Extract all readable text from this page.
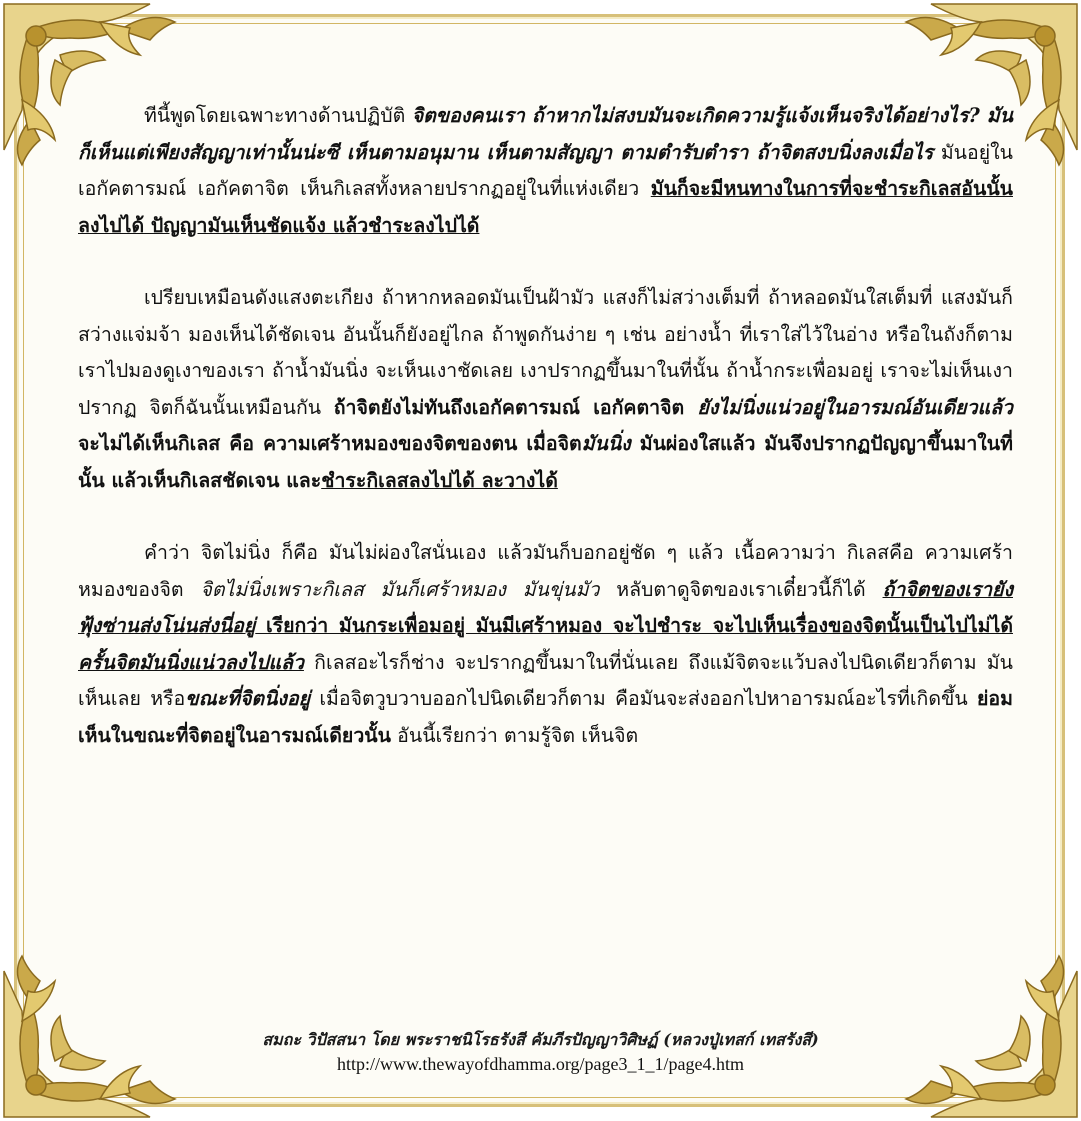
ทีนี้พูดโดยเฉพาะทางด้านปฏิบัติ จิตของคนเรา ถ้าหากไม่สงบมันจะเกิดความรู้แจ้งเห็นจริงได้อย่างไร? มันก็เห็นแต่เพียงสัญญาเท่านั้นน่ะซี เห็นตามอนุมาน เห็นตามสัญญา ตามตำรับตำรา ถ้าจิตสงบนิ่งลงเมื่อไร มันอยู่ในเอกัคตารมณ์ เอกัคตาจิต เห็นกิเลสทั้งหลายปรากฏอยู่ในที่แห่งเดียว มันก็จะมีหนทางในการที่จะชำระกิเลสอันนั้นลงไปได้ ปัญญามันเห็นชัดแจ้ง แล้วชำระลงไปได้

เปรียบเหมือนดังแสงตะเกียง ถ้าหากหลอดมันเป็นฝ้ามัว แสงก็ไม่สว่างเต็มที่ ถ้าหลอดมันใสเต็มที่ แสงมันก็สว่างแจ่มจ้า มองเห็นได้ชัดเจน อันนั้นก็ยังอยู่ไกล ถ้าพูดกันง่าย ๆ เช่น อย่างน้ำ ที่เราใส่ไว้ในอ่าง หรือในถังก็ตาม เราไปมองดูเงาของเรา ถ้าน้ำมันนิ่ง จะเห็นเงาชัดเลย เงาปรากฏขึ้นมาในที่นั้น ถ้าน้ำกระเพื่อมอยู่ เราจะไม่เห็นเงาปรากฏ จิตก็ฉันนั้นเหมือนกัน ถ้าจิตยังไม่ทันถึงเอกัคตารมณ์ เอกัคตาจิต ยังไม่นิ่งแน่วอยู่ในอารมณ์อันเดียวแล้ว จะไม่ได้เห็นกิเลส คือ ความเศร้าหมองของจิตของตน เมื่อจิตมันนิ่ง มันผ่องใสแล้ว มันจึงปรากฏปัญญาขึ้นมาในที่นั้น แล้วเห็นกิเลสชัดเจน และชำระกิเลสลงไปได้ ละวางได้

คำว่า จิตไม่นิ่ง ก็คือ มันไม่ผ่องใสนั่นเอง แล้วมันก็บอกอยู่ชัด ๆ แล้ว เนื้อความว่า กิเลสคือ ความเศร้าหมองของจิต จิตไม่นิ่งเพราะกิเลส มันก็เศร้าหมอง มันขุ่นมัว หลับตาดูจิตของเราเดี๋ยวนี้ก็ได้ ถ้าจิตของเรายังฟุ้งซ่านส่งโน่นส่งนี่อยู่ เรียกว่า มันกระเพื่อมอยู่ มันมีเศร้าหมอง จะไปชำระ จะไปเห็นเรื่องของจิตนั้นเป็นไปไม่ได้ ครั้นจิตมันนิ่งแน่วลงไปแล้ว กิเลสอะไรก็ช่าง จะปรากฏขึ้นมาในที่นั่นเลย ถึงแม้จิตจะแว้บลงไปนิดเดียวก็ตาม มันเห็นเลย หรือขณะที่จิตนิ่งอยู่ เมื่อจิตวูบวาบออกไปนิดเดียวก็ตาม คือมันจะส่งออกไปหาอารมณ์อะไรที่เกิดขึ้น ย่อมเห็นในขณะที่จิตอยู่ในอารมณ์เดียวนั้น อันนี้เรียกว่า ตามรู้จิต เห็นจิต

สมถะ วิปัสสนา โดย พระราชนิโรธรังสี คัมภีรปัญญาวิศิษฏ์ (หลวงปู่เทสก์ เทสรังสี)
http://www.thewayofdhamma.org/page3_1_1/page4.htm
